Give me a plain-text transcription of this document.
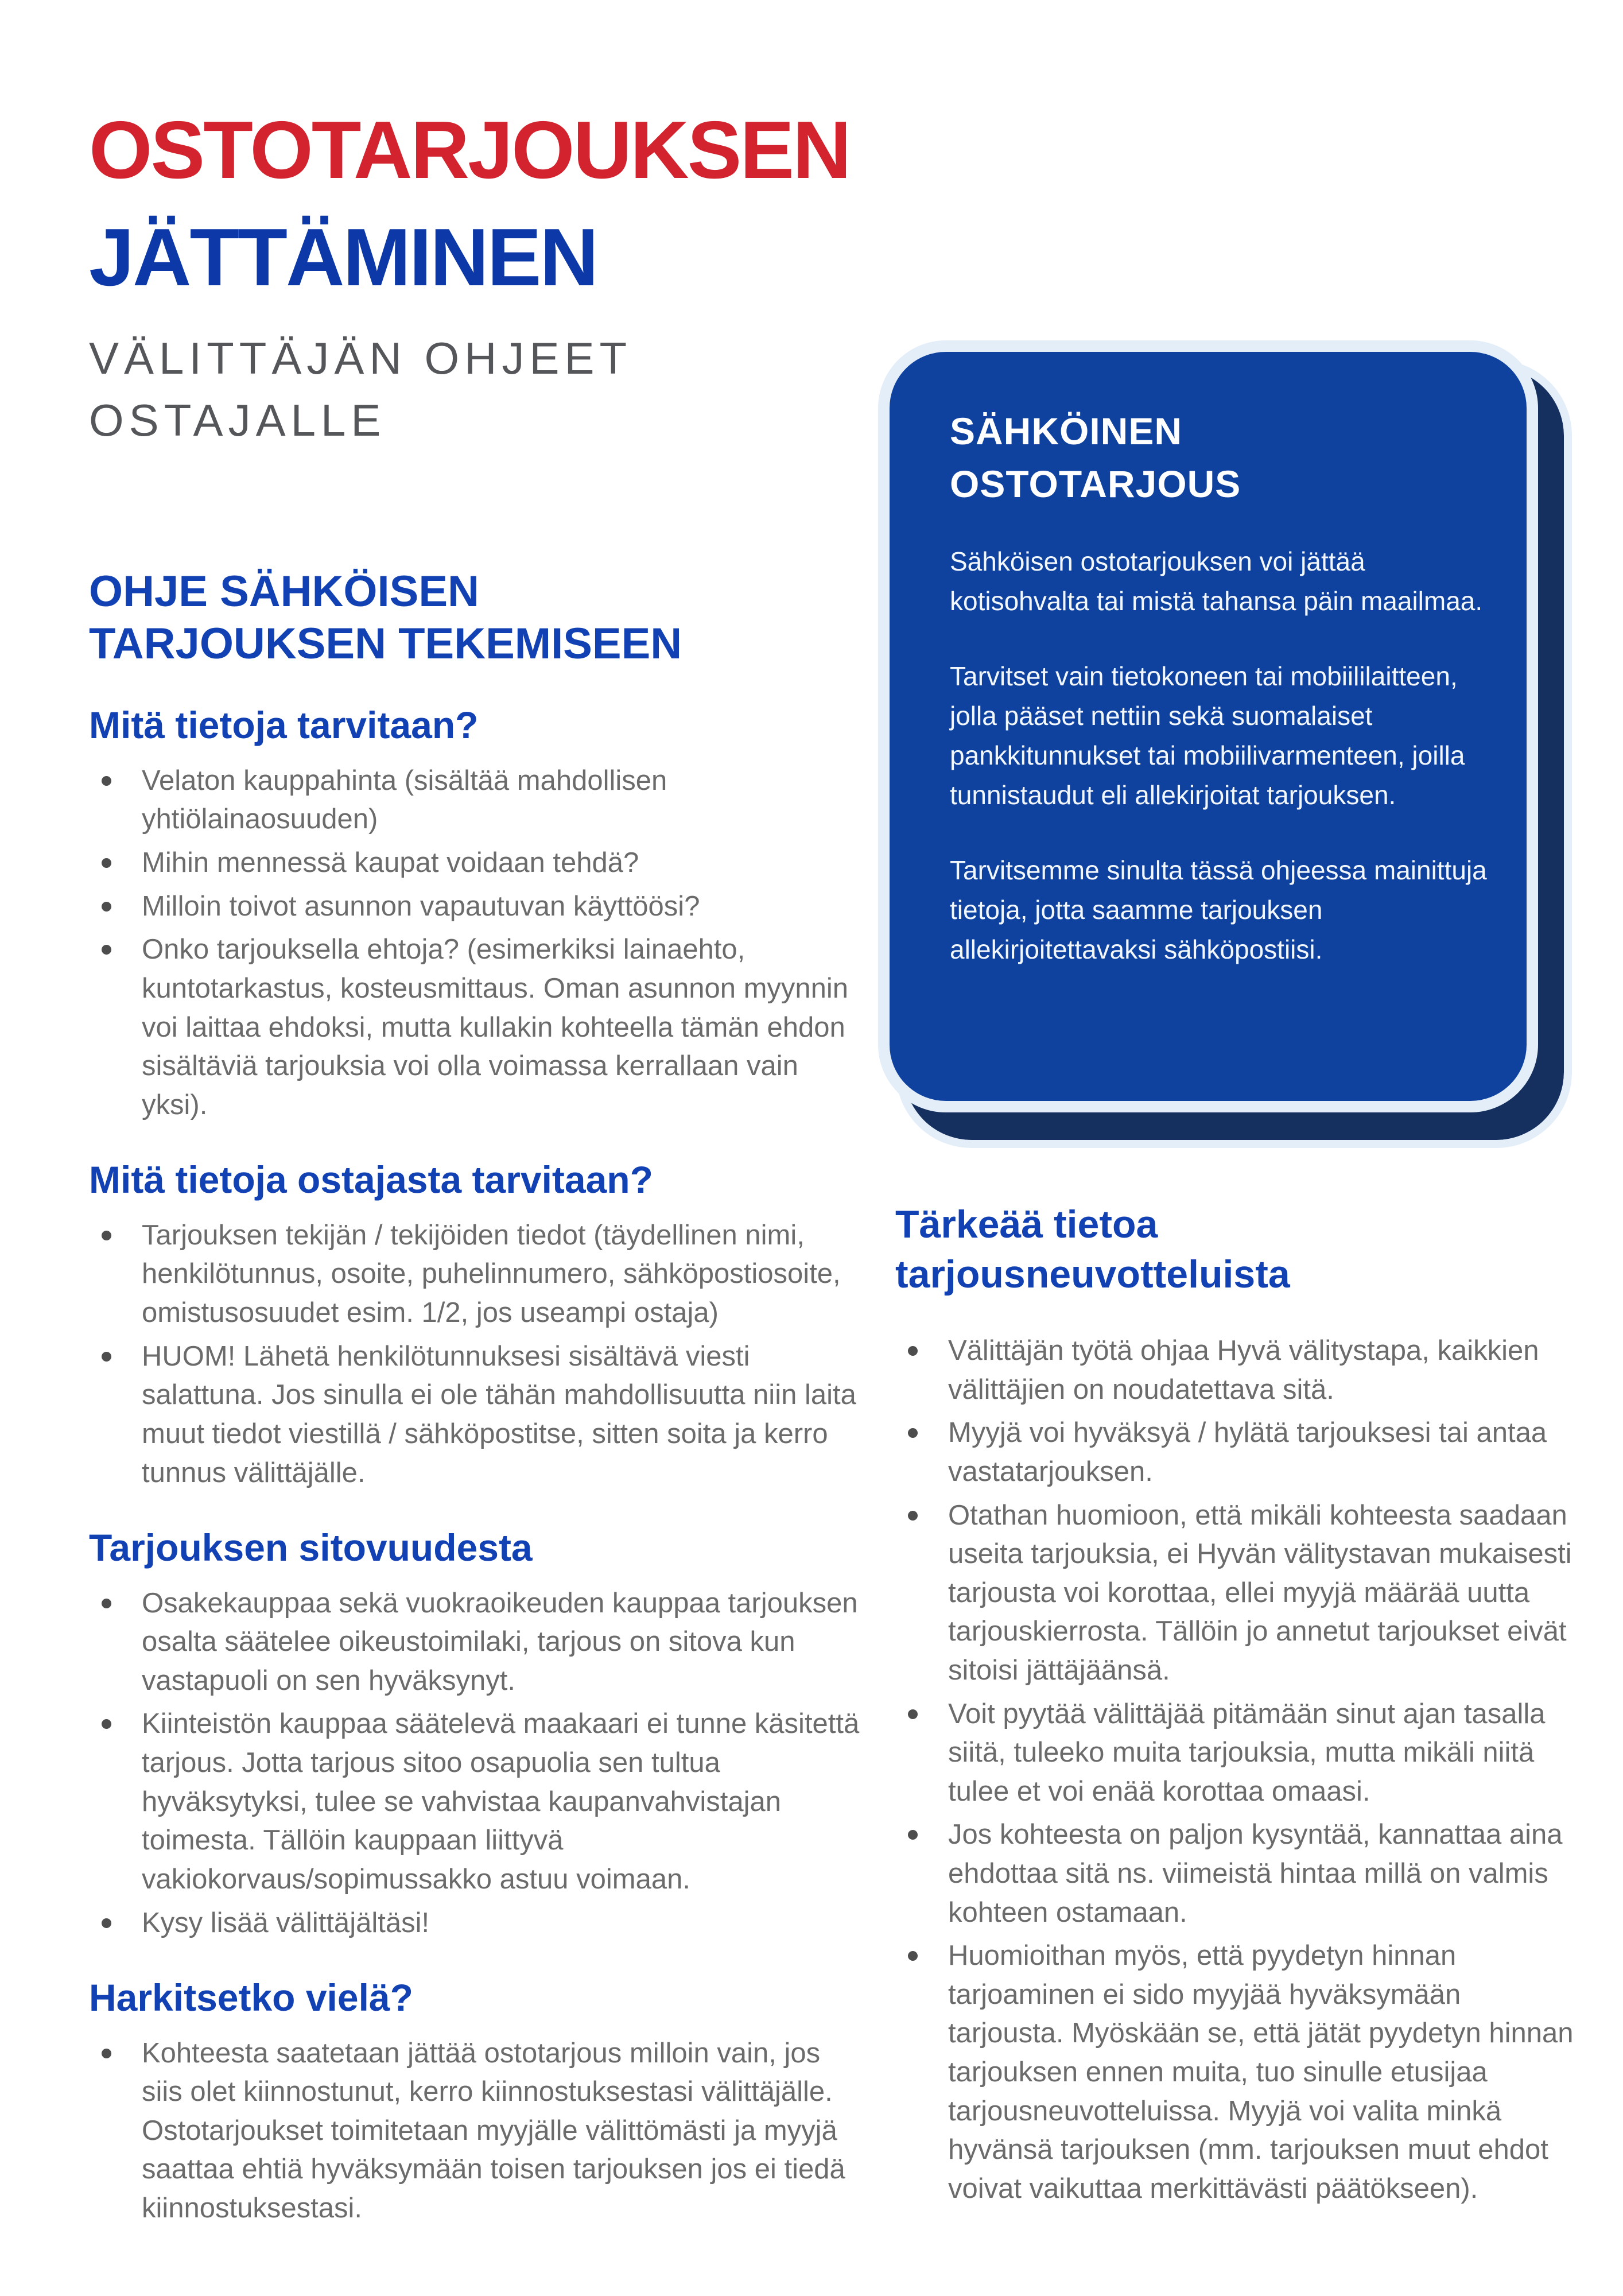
OSTOTARJOUKSEN
JÄTTÄMINEN

VÄLITTÄJÄN OHJEET
OSTAJALLE

OHJE SÄHKÖISEN
TARJOUKSEN TEKEMISEEN
Mitä tietoja tarvitaan?
Velaton kauppahinta (sisältää mahdollisen yhtiölainaosuuden)
Mihin mennessä kaupat voidaan tehdä?
Milloin toivot asunnon vapautuvan käyttöösi?
Onko tarjouksella ehtoja? (esimerkiksi lainaehto, kuntotarkastus, kosteusmittaus. Oman asunnon myynnin voi laittaa ehdoksi, mutta kullakin kohteella tämän ehdon sisältäviä tarjouksia voi olla voimassa kerrallaan vain yksi).
Mitä tietoja ostajasta tarvitaan?
Tarjouksen tekijän / tekijöiden tiedot (täydellinen nimi, henkilötunnus, osoite, puhelinnumero, sähköpostiosoite, omistusosuudet esim. 1/2, jos useampi ostaja)
HUOM! Lähetä henkilötunnuksesi sisältävä viesti salattuna. Jos sinulla ei ole tähän mahdollisuutta niin laita muut tiedot viestillä / sähköpostitse, sitten soita ja kerro tunnus välittäjälle.
Tarjouksen sitovuudesta
Osakekauppaa sekä vuokraoikeuden kauppaa tarjouksen osalta säätelee oikeustoimilaki, tarjous on sitova kun vastapuoli on sen hyväksynyt.
Kiinteistön kauppaa säätelevä maakaari ei tunne käsitettä tarjous. Jotta tarjous sitoo osapuolia sen tultua hyväksytyksi, tulee se vahvistaa kaupanvahvistajan toimesta. Tällöin kauppaan liittyvä vakiokorvaus/sopimussakko astuu voimaan.
Kysy lisää välittäjältäsi!
Harkitsetko vielä?
Kohteesta saatetaan jättää ostotarjous milloin vain, jos siis olet kiinnostunut, kerro kiinnostuksestasi välittäjälle. Ostotarjoukset toimitetaan myyjälle välittömästi ja myyjä saattaa ehtiä hyväksymään toisen tarjouksen jos ei tiedä kiinnostuksestasi.
SÄHKÖINEN
OSTOTARJOUS

Sähköisen ostotarjouksen voi jättää kotisohvalta tai mistä tahansa päin maailmaa.

Tarvitset vain tietokoneen tai mobiililaitteen, jolla pääset nettiin sekä suomalaiset pankkitunnukset tai mobiilivarmenteen, joilla tunnistaudut eli allekirjoitat tarjouksen.

Tarvitsemme sinulta tässä ohjeessa mainittuja tietoja, jotta saamme tarjouksen allekirjoitettavaksi sähköpostiisi.

Tärkeää tietoa
tarjousneuvotteluista
Välittäjän työtä ohjaa Hyvä välitystapa, kaikkien välittäjien on noudatettava sitä.
Myyjä voi hyväksyä / hylätä tarjouksesi tai antaa vastatarjouksen.
Otathan huomioon, että mikäli kohteesta saadaan useita tarjouksia, ei Hyvän välitystavan mukaisesti tarjousta voi korottaa, ellei myyjä määrää uutta tarjouskierrosta. Tällöin jo annetut tarjoukset eivät sitoisi jättäjäänsä.
Voit pyytää välittäjää pitämään sinut ajan tasalla siitä, tuleeko muita tarjouksia, mutta mikäli niitä tulee et voi enää korottaa omaasi.
Jos kohteesta on paljon kysyntää, kannattaa aina ehdottaa sitä ns. viimeistä hintaa millä on valmis kohteen ostamaan.
Huomioithan myös, että pyydetyn hinnan tarjoaminen ei sido myyjää hyväksymään tarjousta. Myöskään se, että jätät pyydetyn hinnan tarjouksen ennen muita, tuo sinulle etusijaa tarjousneuvotteluissa. Myyjä voi valita minkä hyvänsä tarjouksen (mm. tarjouksen muut ehdot voivat vaikuttaa merkittävästi päätökseen).
